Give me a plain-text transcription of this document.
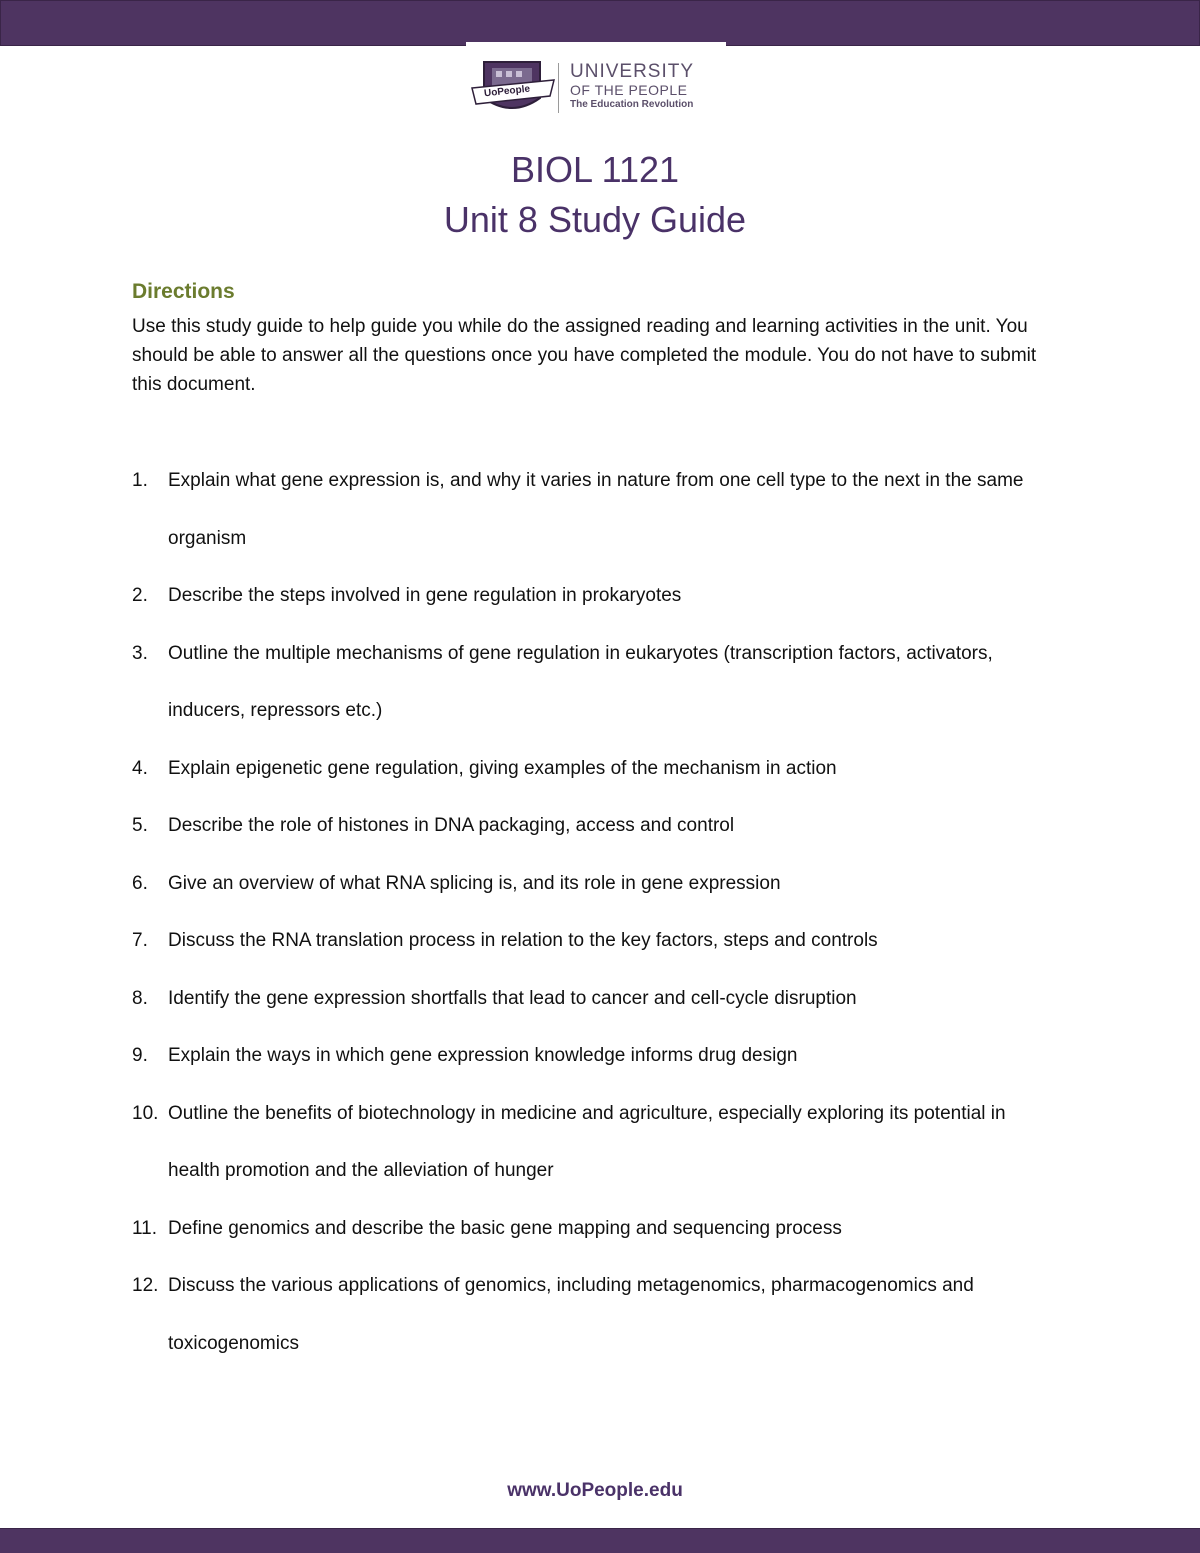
UoPeople
UNIVERSITY
OF THE PEOPLE
The Education Revolution
BIOL 1121
Unit 8 Study Guide
Directions
Use this study guide to help guide you while do the assigned reading and learning activities in the unit. You should be able to answer all the questions once you have completed the module. You do not have to submit this document.
1. Explain what gene expression is, and why it varies in nature from one cell type to the next in the same organism
2. Describe the steps involved in gene regulation in prokaryotes
3. Outline the multiple mechanisms of gene regulation in eukaryotes (transcription factors, activators, inducers, repressors etc.)
4. Explain epigenetic gene regulation, giving examples of the mechanism in action
5. Describe the role of histones in DNA packaging, access and control
6. Give an overview of what RNA splicing is, and its role in gene expression
7. Discuss the RNA translation process in relation to the key factors, steps and controls
8. Identify the gene expression shortfalls that lead to cancer and cell-cycle disruption
9. Explain the ways in which gene expression knowledge informs drug design
10. Outline the benefits of biotechnology in medicine and agriculture, especially exploring its potential in health promotion and the alleviation of hunger
11. Define genomics and describe the basic gene mapping and sequencing process
12. Discuss the various applications of genomics, including metagenomics, pharmacogenomics and toxicogenomics
www.UoPeople.edu
